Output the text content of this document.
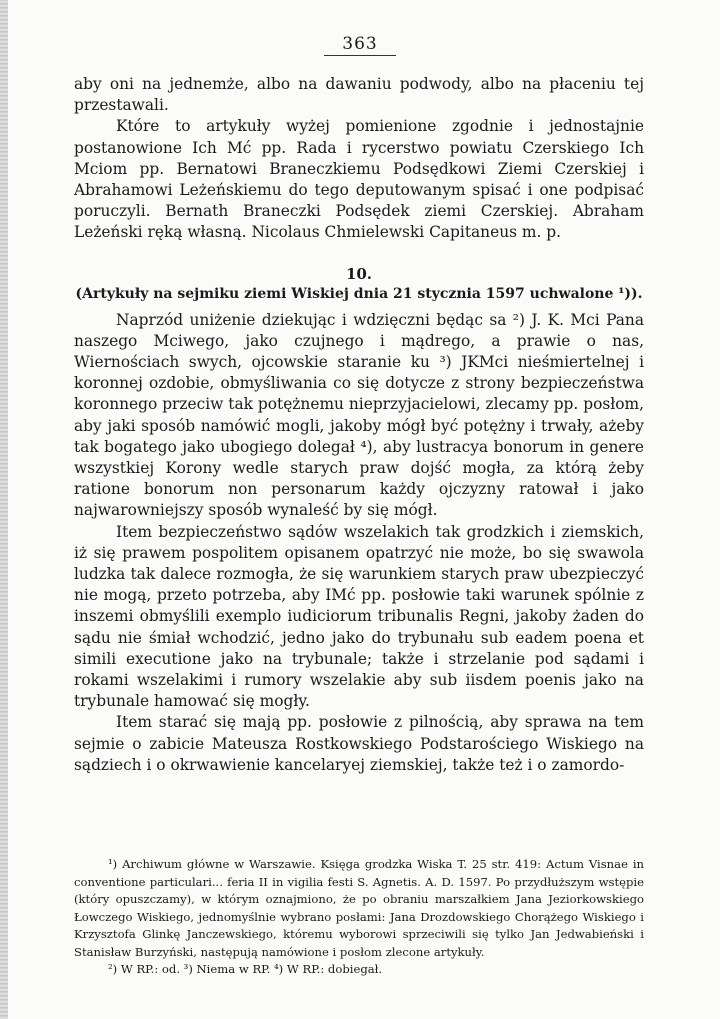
363

aby oni na jednemże, albo na dawaniu podwody, albo na płaceniu tej przestawali.

Które to artykuły wyżej pomienione zgodnie i jednostajnie postanowione Ich Mć pp. Rada i rycerstwo powiatu Czerskiego Ich Mciom pp. Bernatowi Braneczkiemu Podsędkowi Ziemi Czerskiej i Abrahamowi Leżeńskiemu do tego deputowanym spisać i one podpisać poruczyli. Bernath Braneczki Podsędek ziemi Czerskiej. Abraham Leżeński ręką własną. Nicolaus Chmielewski Capitaneus m. p.

10.
(Artykuły na sejmiku ziemi Wiskiej dnia 21 stycznia 1597 uchwalone ¹)).

Naprzód uniżenie dziekując i wdzięczni będąc sa ²) J. K. Mci Pana naszego Mciwego, jako czujnego i mądrego, a prawie o nas, Wiernościach swych, ojcowskie staranie ku ³) JKMci nieśmiertelnej i koronnej ozdobie, obmyśliwania co się dotycze z strony bezpieczeństwa koronnego przeciw tak potężnemu nieprzyjacielowi, zlecamy pp. posłom, aby jaki sposób namówić mogli, jakoby mógł być potężny i trwały, ażeby tak bogatego jako ubogiego dolegał ⁴), aby lustracya bonorum in genere wszystkiej Korony wedle starych praw dojść mogła, za którą żeby ratione bonorum non personarum każdy ojczyzny ratował i jako najwarowniejszy sposób wynaleść by się mógł.

Item bezpieczeństwo sądów wszelakich tak grodzkich i ziemskich, iż się prawem pospolitem opisanem opatrzyć nie może, bo się swawola ludzka tak dalece rozmogła, że się warunkiem starych praw ubezpieczyć nie mogą, przeto potrzeba, aby IMć pp. posłowie taki warunek spólnie z inszemi obmyślili exemplo iudiciorum tribunalis Regni, jakoby żaden do sądu nie śmiał wchodzić, jedno jako do trybunału sub eadem poena et simili executione jako na trybunale; także i strzelanie pod sądami i rokami wszelakimi i rumory wszelakie aby sub iisdem poenis jako na trybunale hamować się mogły.

Item starać się mają pp. posłowie z pilnością, aby sprawa na tem sejmie o zabicie Mateusza Rostkowskiego Podstarościego Wiskiego na sądziech i o okrwawienie kancelaryej ziemskiej, także też i o zamordo-

¹) Archiwum główne w Warszawie. Księga grodzka Wiska T. 25 str. 419: Actum Visnae in conventione particulari... feria II in vigilia festi S. Agnetis. A. D. 1597. Po przydłuższym wstępie (który opuszczamy), w którym oznajmiono, że po obraniu marszałkiem Jana Jeziorkowskiego Łowczego Wiskiego, jednomyślnie wybrano posłami: Jana Drozdowskiego Chorążego Wiskiego i Krzysztofa Glinkę Janczewskiego, któremu wyborowi sprzeciwili się tylko Jan Jedwabieński i Stanisław Burzyński, następują namówione i posłom zlecone artykuły.

²) W RP.: od. ³) Niema w RP. ⁴) W RP.: dobiegał.
